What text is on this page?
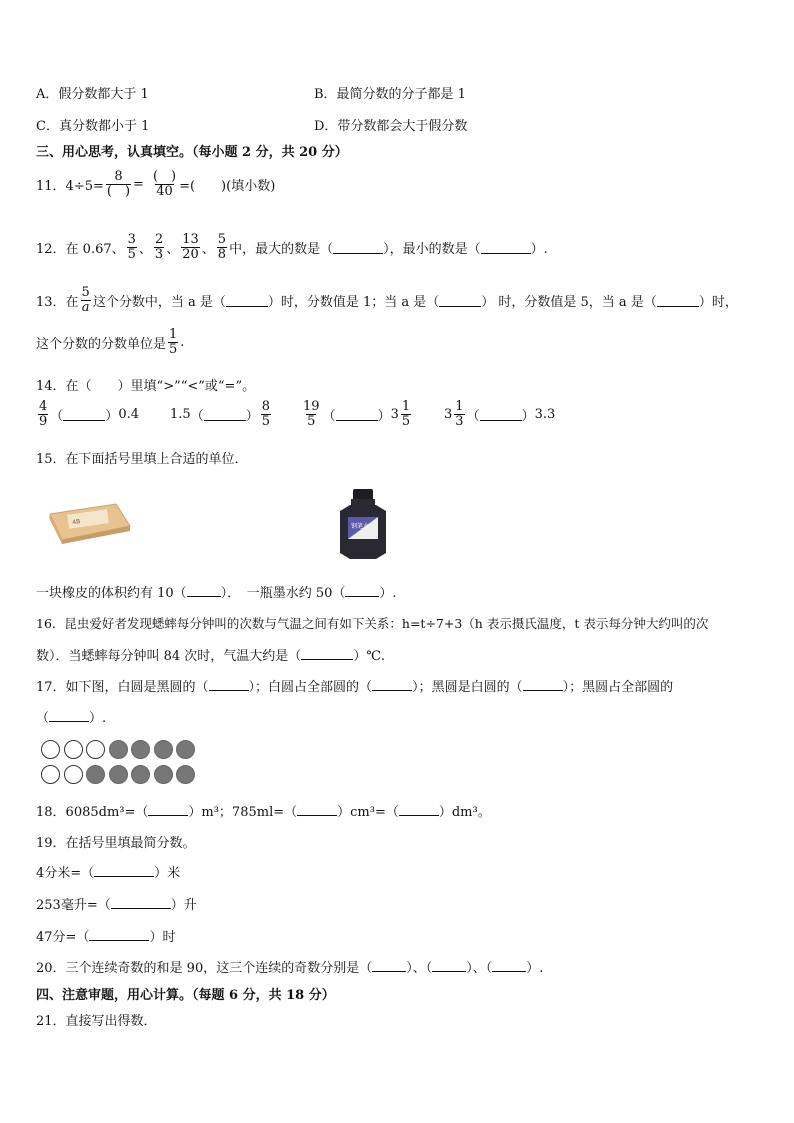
A．假分数都大于 1	B．最简分数的分子都是 1
C．真分数都小于 1	D．带分数都会大于假分数
三、用心思考，认真填空。（每小题 2 分，共 20 分）
11．$4\div 5= \frac{8}{( )} = \frac{( )}{40}$ =(　　)(填小数)
12．在 0.67、 $\frac{3}{5}$ 、 $\frac{2}{3}$ 、 $\frac{13}{20}$ 、 $\frac{5}{8}$ 中，最大的数是（	），最小的数是（	）.
13．在 $\frac{5}{a}$ 这个分数中，当 a 是（	）时，分数值是 1；当 a 是（	） 时，分数值是 5，当 a 是（	）时，
这个分数的分数单位是 $\frac{1}{5}$ .
14．在（　　）里填“>”“<”或“=”。
$\frac{4}{9}$ （	） 0.4 1.5 （	） $\frac{8}{5} \frac{19}{5}$ （	） $3 \frac{1}{5}$	$3 \frac{1}{3}$ （	） 3.3
15．在下面括号里填上合适的单位．
4B
钢笔水
一块橡皮的体积约有 10（	）．　一瓶墨水约 50（	）.
16．昆虫爱好者发现蟋蟀每分钟叫的次数与气温之间有如下关系：h=t÷7+3（h 表示摄氏温度，t 表示每分钟大约叫的次
数）．当蟋蟀每分钟叫 84 次时，气温大约是（	）℃.
17．如下图，白圆是黑圆的（	）；白圆占全部圆的（	）；黑圆是白圆的（	）；黑圆占全部圆的
（	）.
18．6085dm³=（	）m³；785ml=（	）cm³=（	）dm³。
19．在括号里填最简分数。
4分米=（	）米
253毫升=（	）升
47分=（	）时
20．三个连续奇数的和是 90，这三个连续的奇数分别是（	）、（	）、（	）.
四、注意审题，用心计算。（每题 6 分，共 18 分）
21．直接写出得数．
